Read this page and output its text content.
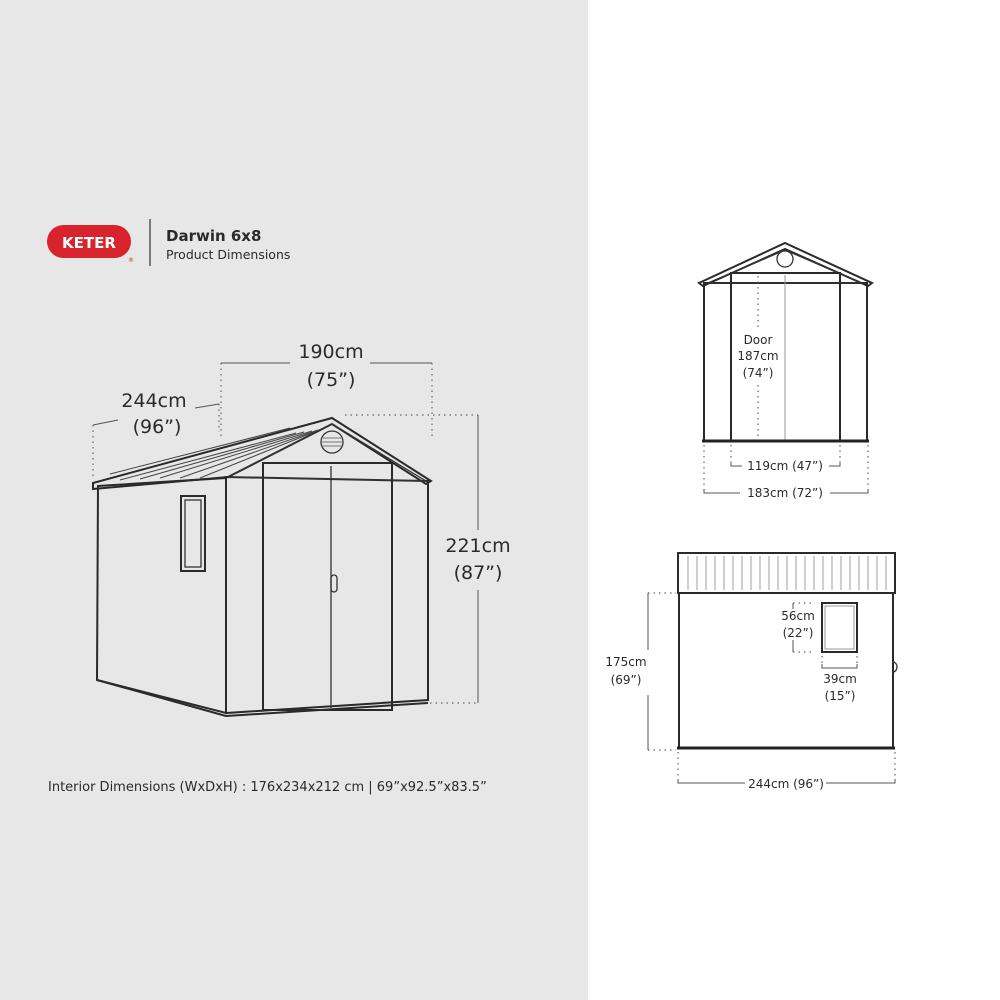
KETER
®
Darwin 6x8
Product Dimensions
190cm
(75”)
244cm
(96”)
221cm
(87”)
Interior Dimensions (WxDxH) : 176x234x212 cm | 69”x92.5”x83.5”
Door
187cm
(74”)
119cm (47”)
183cm (72”)
175cm
(69”)
56cm
(22”)
39cm
(15”)
244cm (96”)
